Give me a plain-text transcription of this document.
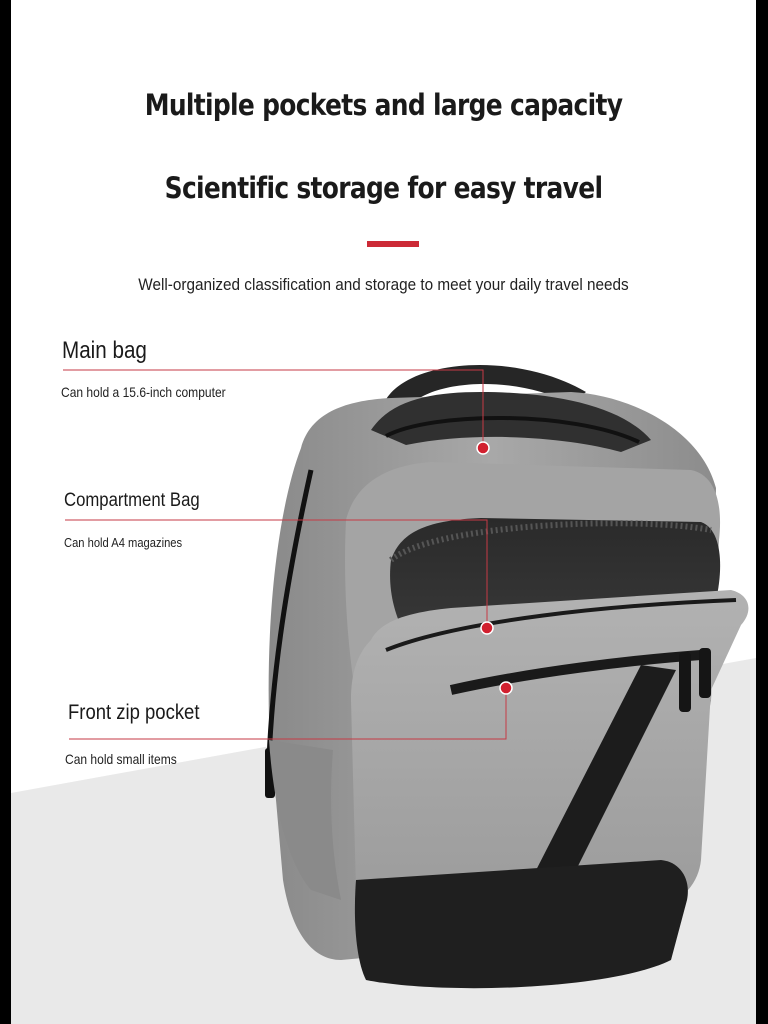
Multiple pockets and large capacity
Scientific storage for easy travel
Well-organized classification and storage to meet your daily travel needs
Main bag
Can hold a 15.6-inch computer
Compartment Bag
Can hold A4 magazines
Front zip pocket
Can hold small items
